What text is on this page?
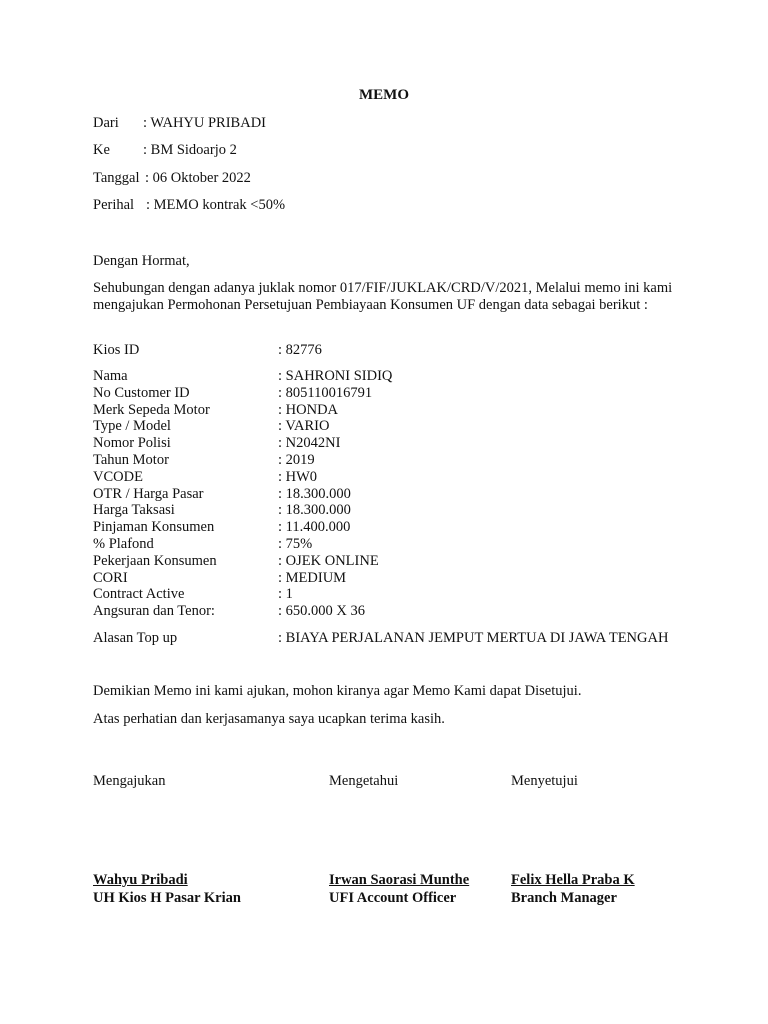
MEMO
Dari : WAHYU PRIBADI
Ke : BM Sidoarjo 2
Tanggal : 06 Oktober 2022
Perihal : MEMO kontrak <50%
Dengan Hormat,
Sehubungan dengan adanya juklak nomor 017/FIF/JUKLAK/CRD/V/2021, Melalui memo ini kami mengajukan Permohonan Persetujuan Pembiayaan Konsumen UF dengan data sebagai berikut :
Kios ID	: 82776
Nama	: SAHRONI SIDIQ
No Customer ID	: 805110016791
Merk Sepeda Motor	: HONDA
Type / Model	: VARIO
Nomor Polisi	: N2042NI
Tahun Motor	: 2019
VCODE	: HW0
OTR / Harga Pasar	: 18.300.000
Harga Taksasi	: 18.300.000
Pinjaman Konsumen	: 11.400.000
% Plafond	: 75%
Pekerjaan Konsumen	: OJEK ONLINE
CORI	: MEDIUM
Contract Active	: 1
Angsuran dan Tenor:	: 650.000 X 36
Alasan Top up	: BIAYA PERJALANAN JEMPUT MERTUA DI JAWA TENGAH
Demikian Memo ini kami ajukan, mohon kiranya agar Memo Kami dapat Disetujui.
Atas perhatian dan kerjasamanya saya ucapkan terima kasih.
Mengajukan	Mengetahui	Menyetujui
Wahyu Pribadi	Irwan Saorasi Munthe	Felix Hella Praba K
UH Kios H Pasar Krian	UFI Account Officer	Branch Manager
